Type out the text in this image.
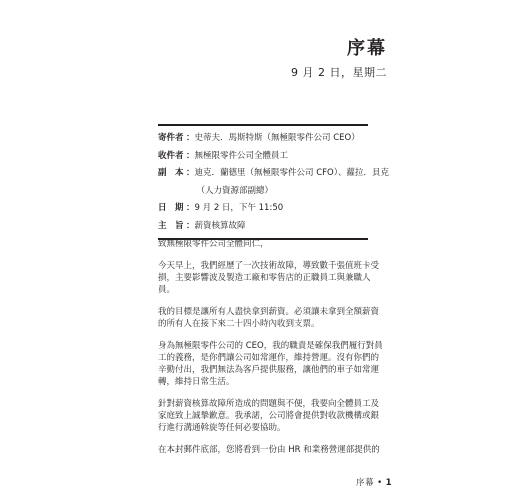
序幕
9 月 2 日，星期二
寄件者 ： 史蒂夫．馬斯特斯（無極限零件公司 CEO）
收件者 ： 無極限零件公司全體員工
副　本 ： 迪克．蘭德里（無極限零件公司 CFO）、蘿拉．貝克
（人力資源部副總）
日　期 ： 9 月 2 日，下午 11:50
主　旨 ： 薪資核算故障

致無極限零件公司全體同仁，

今天早上，我們經歷了一次技術故障，導致數千張值班卡受
損，主要影響波及製造工廠和零售店的正職員工與兼職人
員。

我的目標是讓所有人盡快拿到薪資。必須讓未拿到全額薪資
的所有人在接下來二十四小時內收到支票。

身為無極限零件公司的 CEO，我的職責是確保我們履行對員
工的義務，是你們讓公司如常運作，維持營運。沒有你們的
辛勤付出，我們無法為客戶提供服務，讓他們的車子如常運
轉，維持日常生活。

針對薪資核算故障所造成的問題與不便，我要向全體員工及
家庭致上誠摯歉意。我承諾，公司將會提供對收款機構或銀
行進行溝通斡旋等任何必要協助。

在本封郵件底部，您將看到一份由 HR 和業務營運部提供的

序幕 • 1
